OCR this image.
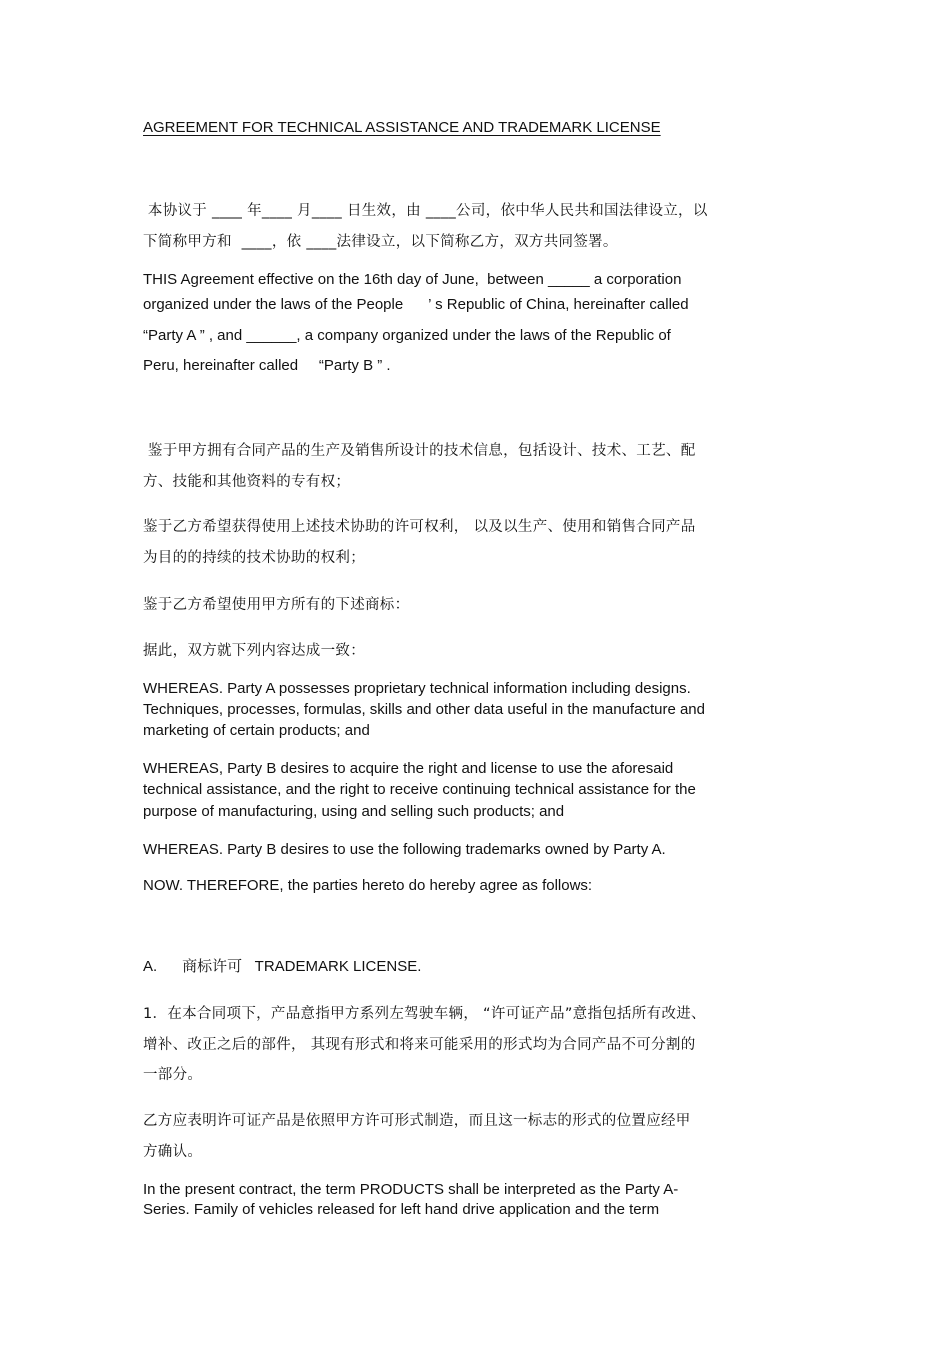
AGREEMENT FOR TECHNICAL ASSISTANCE AND TRADEMARK LICENSE

本协议于 ____ 年____ 月____ 日生效，由 ____公司，依中华人民共和国法律设立，以

下简称甲方和  ____，依 ____法律设立，以下简称乙方，双方共同签署。

THIS Agreement effective on the 16th day of June,  between _____ a corporation

organized under the laws of the People      ’ s Republic of China, hereinafter called

“Party A ” , and ______, a company organized under the laws of the Republic of

Peru, hereinafter called     “Party B ” .

鉴于甲方拥有合同产品的生产及销售所设计的技术信息，包括设计、技术、工艺、配

方、技能和其他资料的专有权；

鉴于乙方希望获得使用上述技术协助的许可权利， 以及以生产、使用和销售合同产品

为目的的持续的技术协助的权利；

鉴于乙方希望使用甲方所有的下述商标：

据此，双方就下列内容达成一致：

WHEREAS. Party A possesses proprietary technical information including designs.

Techniques, processes, formulas, skills and other data useful in the manufacture and

marketing of certain products; and

WHEREAS, Party B desires to acquire the right and license to use the aforesaid

technical assistance, and the right to receive continuing technical assistance for the

purpose of manufacturing, using and selling such products; and

WHEREAS. Party B desires to use the following trademarks owned by Party A.

NOW. THEREFORE, the parties hereto do hereby agree as follows:

A.      商标许可   TRADEMARK LICENSE.

1．在本合同项下，产品意指甲方系列左驾驶车辆， “许可证产品”意指包括所有改进、

增补、改正之后的部件， 其现有形式和将来可能采用的形式均为合同产品不可分割的

一部分。

乙方应表明许可证产品是依照甲方许可形式制造，而且这一标志的形式的位置应经甲

方确认。

In the present contract, the term PRODUCTS shall be interpreted as the Party A-

Series. Family of vehicles released for left hand drive application and the term
